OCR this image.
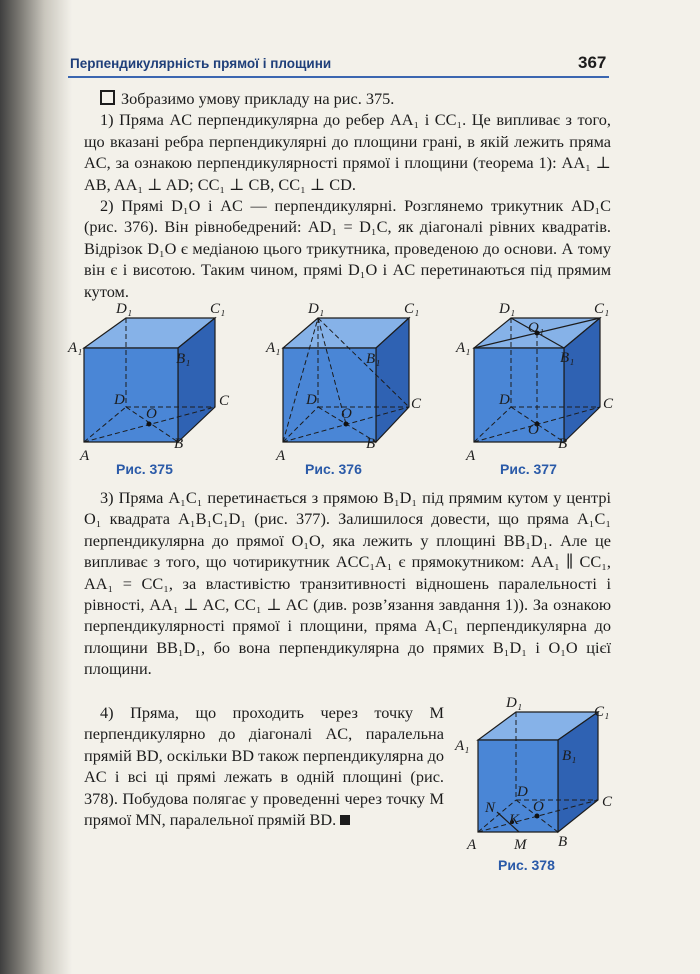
Перпендикулярність прямої і площини	367

Зобразимо умову прикладу на рис. 375.

1) Пряма AC перпендикулярна до ребер AA₁ і CC₁. Це випливає з того, що вказані ребра перпендикулярні до площини грані, в якій лежить пряма AC, за ознакою перпендикулярності прямої і площини (теорема 1): AA₁ ⊥ AB, AA₁ ⊥ AD; CC₁ ⊥ CB, CC₁ ⊥ CD.

2) Прямі D₁O і AC — перпендикулярні. Розглянемо трикутник AD₁C (рис. 376). Він рівнобедрений: AD₁ = D₁C, як діагоналі рівних квадратів. Відрізок D₁O є медіаною цього трикутника, проведеною до основи. А тому він є і висотою. Таким чином, прямі D₁O і AC перетинаються під прямим кутом.

D₁	C₁
A₁
B₁
D	C
O
A
B
Рис. 375
D₁	C₁
A₁
B₁
D	C
O
A
B
Рис. 376
D₁
O₁
C₁
A₁
B₁
D	C
O
A
B
Рис. 377
D₁
C₁
A₁
B₁
D
C
N	O
K
A	M B
Рис. 378

3) Пряма A₁C₁ перетинається з прямою B₁D₁ під прямим кутом у центрі O₁ квадрата A₁B₁C₁D₁ (рис. 377). Залишилося довести, що пряма A₁C₁ перпендикулярна до прямої O₁O, яка лежить у площині BB₁D₁. Але це випливає з того, що чотирикутник ACC₁A₁ є прямокутником: AA₁ ∥ CC₁, AA₁ = CC₁, за властивістю транзитивності відношень паралельності і рівності, AA₁ ⊥ AC, CC₁ ⊥ AC (див. розв’язання завдання 1)). За ознакою перпендикулярності прямої і площини, пряма A₁C₁ перпендикулярна до площини BB₁D₁, бо вона перпендикулярна до прямих B₁D₁ і O₁O цієї площини.

4) Пряма, що проходить через точку M перпендикулярно до діагоналі AC, паралельна прямій BD, оскільки BD також перпендикулярна до AC і всі ці прямі лежать в одній площині (рис. 378). Побудова полягає у проведенні через точку M прямої MN, паралельної прямій BD.
